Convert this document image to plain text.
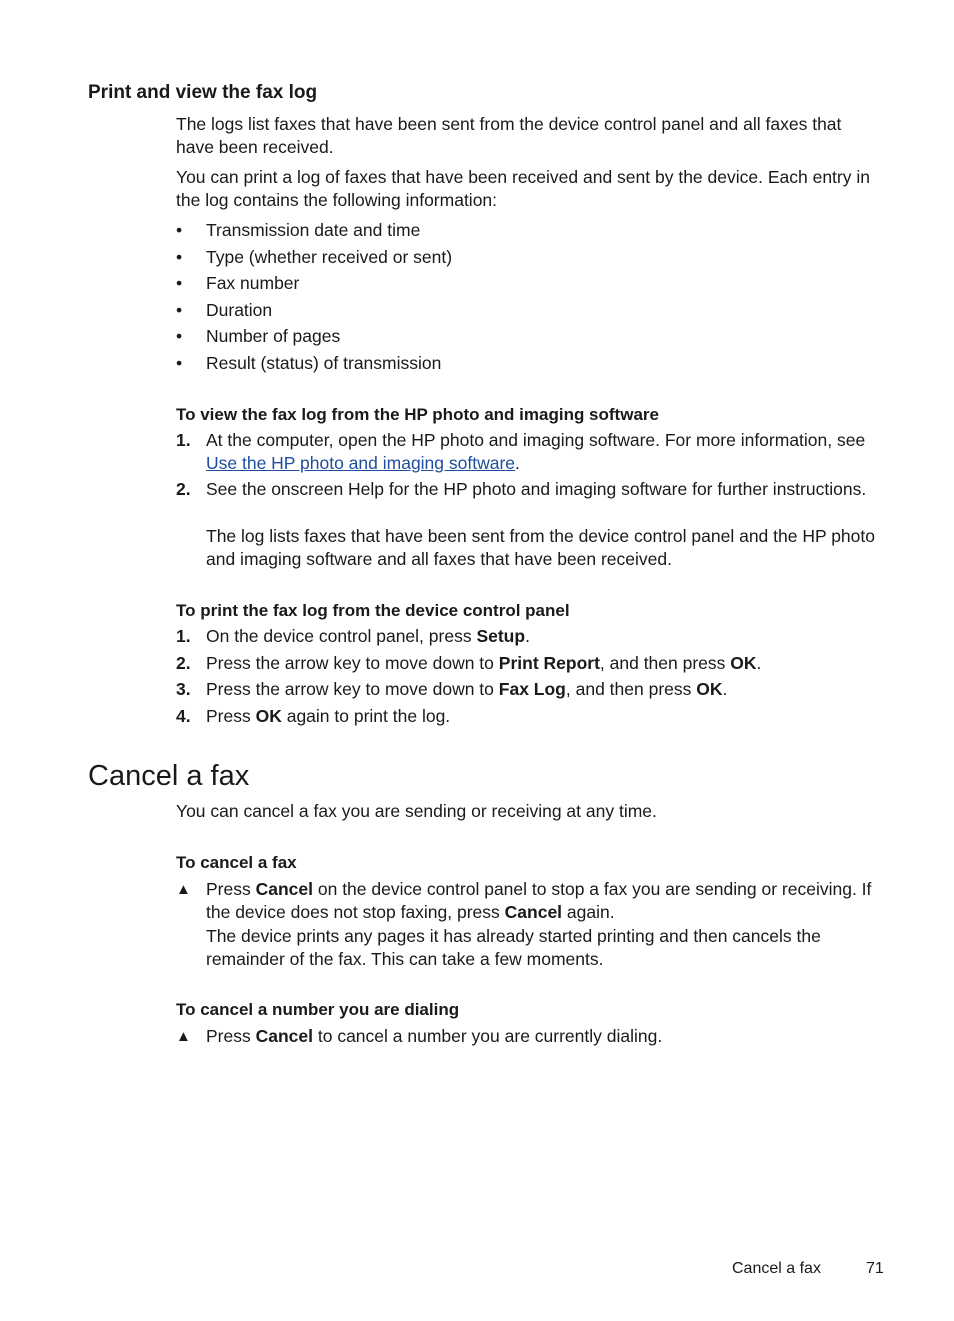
Print and view the fax log
The logs list faxes that have been sent from the device control panel and all faxes that have been received.
You can print a log of faxes that have been received and sent by the device. Each entry in the log contains the following information:
•	Transmission date and time
•	Type (whether received or sent)
•	Fax number
•	Duration
•	Number of pages
•	Result (status) of transmission
To view the fax log from the HP photo and imaging software
1. At the computer, open the HP photo and imaging software. For more information, see Use the HP photo and imaging software.
2. See the onscreen Help for the HP photo and imaging software for further instructions.
The log lists faxes that have been sent from the device control panel and the HP photo and imaging software and all faxes that have been received.
To print the fax log from the device control panel
1. On the device control panel, press Setup.
2. Press the arrow key to move down to Print Report, and then press OK.
3. Press the arrow key to move down to Fax Log, and then press OK.
4. Press OK again to print the log.
Cancel a fax
You can cancel a fax you are sending or receiving at any time.
To cancel a fax
▲ Press Cancel on the device control panel to stop a fax you are sending or receiving. If the device does not stop faxing, press Cancel again.
The device prints any pages it has already started printing and then cancels the remainder of the fax. This can take a few moments.
To cancel a number you are dialing
▲ Press Cancel to cancel a number you are currently dialing.
Cancel a fax	71
